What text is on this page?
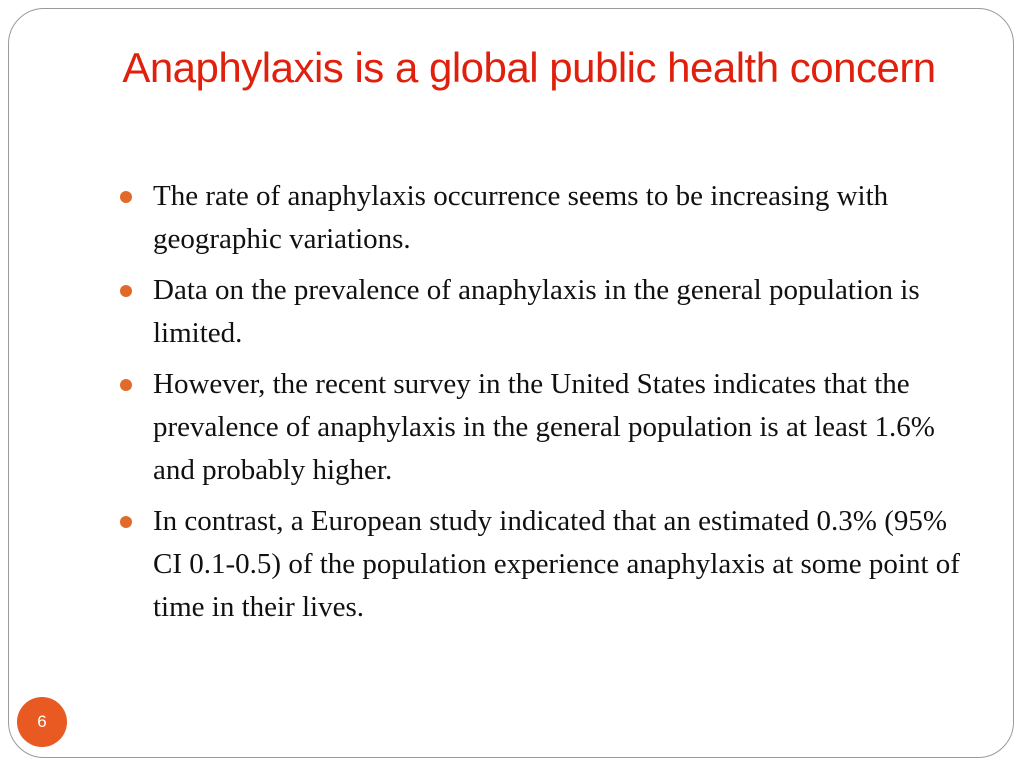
Anaphylaxis is a global public health concern
The rate of anaphylaxis occurrence seems to be increasing with geographic variations.
Data on the prevalence of anaphylaxis in the general population is limited.
However, the recent survey in the United States indicates that the prevalence of anaphylaxis in the general population is at least 1.6% and probably higher.
In contrast, a European study indicated that an estimated 0.3% (95% CI 0.1-0.5) of the population experience anaphylaxis at some point of time in their lives.
6
